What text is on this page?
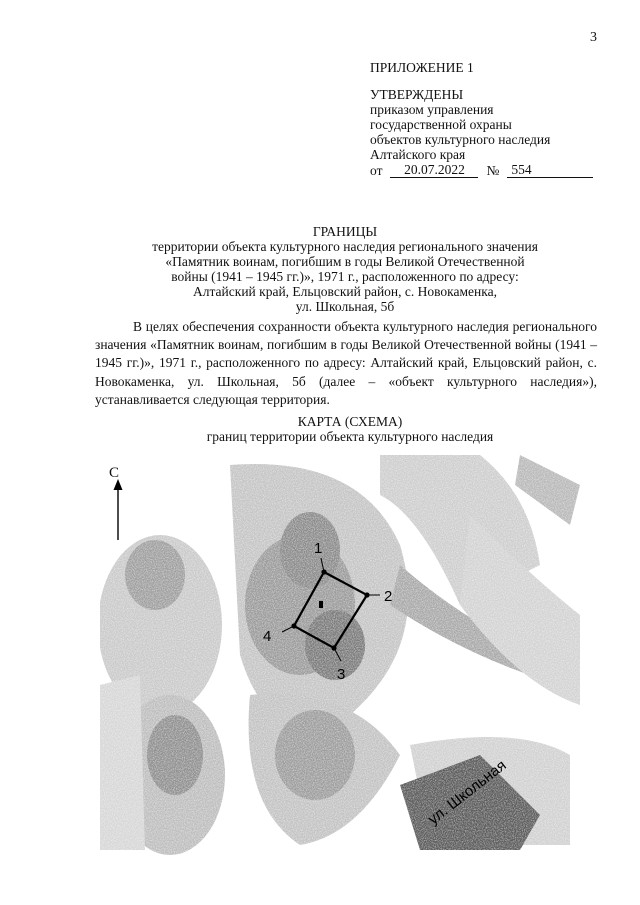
3
ПРИЛОЖЕНИЕ 1
УТВЕРЖДЕНЫ
приказом управления
государственной охраны
объектов культурного наследия
Алтайского края
от	20.07.2022	№ 554
ГРАНИЦЫ
территории объекта культурного наследия регионального значения
«Памятник воинам, погибшим в годы Великой Отечественной
войны (1941 – 1945 гг.)», 1971 г., расположенного по адресу:
Алтайский край, Ельцовский район, с. Новокаменка,
ул. Школьная, 5б
В целях обеспечения сохранности объекта культурного наследия регионального значения «Памятник воинам, погибшим в годы Великой Отечественной войны (1941 – 1945 гг.)», 1971 г., расположенного по адресу: Алтайский край, Ельцовский район, с. Новокаменка, ул. Школьная, 5б (далее – «объект культурного наследия»), устанавливается следующая территория.
КАРТА (СХЕМА)
границ территории объекта культурного наследия
1
2
3
4
ул. Школьная
С
